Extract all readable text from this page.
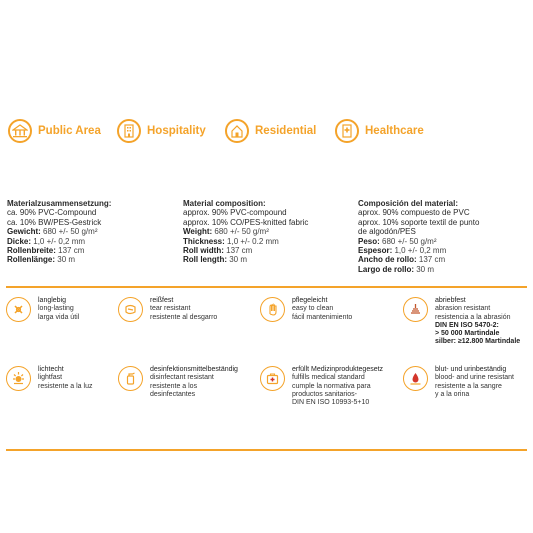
Public Area	Hospitality	Residential	Healthcare
Materialzusammensetzung:
ca. 90% PVC-Compound
ca. 10% BW/PES-Gestrick
Gewicht: 680 +/- 50 g/m²
Dicke: 1,0 +/- 0,2 mm
Rollenbreite: 137 cm
Rollenlänge: 30 m
Material composition:
approx. 90% PVC-compound
approx. 10% CO/PES-knitted fabric
Weight: 680 +/- 50 g/m²
Thickness: 1,0 +/- 0.2 mm
Roll width: 137 cm
Roll length: 30 m
Composición del material:
aprox. 90% compuesto de PVC
aprox. 10% soporte textil de punto
de algodón/PES
Peso: 680 +/- 50 g/m²
Espesor: 1,0 +/- 0,2 mm
Ancho de rollo: 137 cm
Largo de rollo: 30 m
langlebig
long-lasting
larga vida útil
reißfest
tear resistant
resistente al desgarro
pflegeleicht
easy to clean
fácil mantenimiento
abriebfest
abrasion resistant
resistencia a la abrasión
DIN EN ISO 5470-2:
> 50 000 Martindale
silber: ≥12.800 Martindale
lichtecht
lightfast
resistente a la luz
desinfektionsmittelbeständig
disinfectant resistant
resistente a los
desinfectantes
erfüllt Medizinproduktegesetz
fulfills medical standard
cumple la normativa para
productos sanitarios-
DIN EN ISO 10993-5+10
blut- und urinbeständig
blood- and urine resistant
resistente a la sangre
y a la orina
